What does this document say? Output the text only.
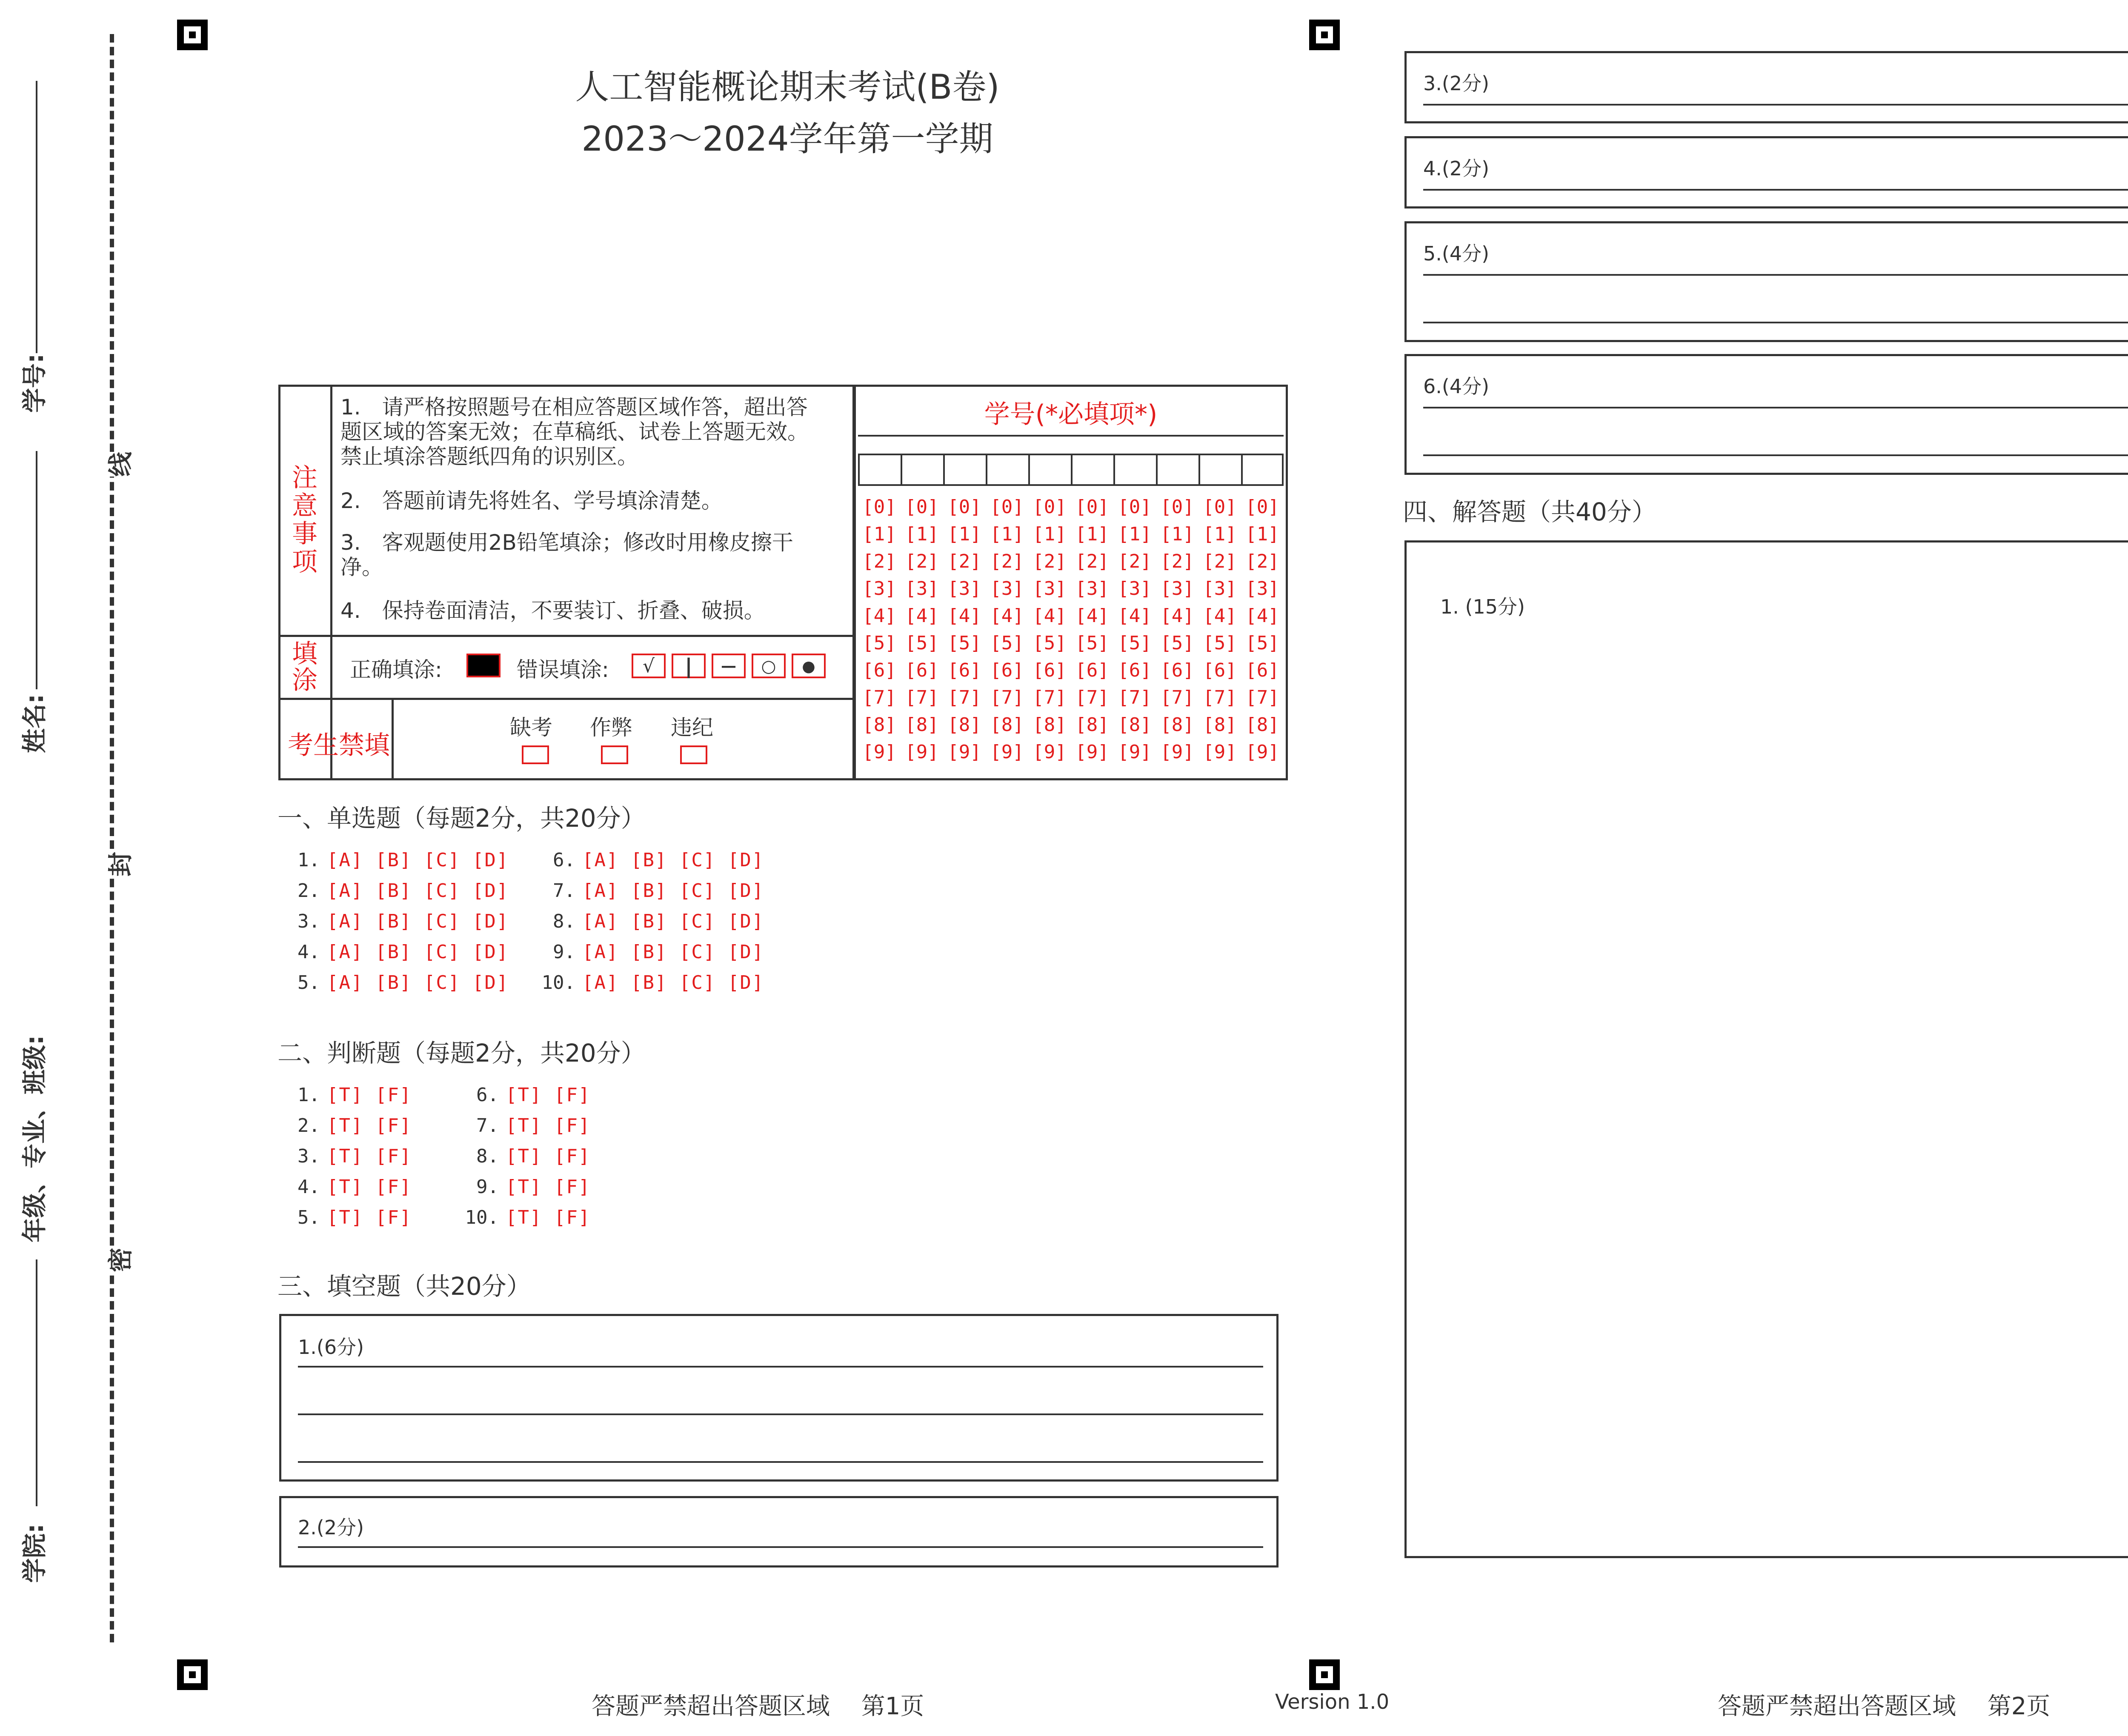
学号:
姓名:
年级、专业、班级:
学院:
线
封
密
人工智能概论期末考试(B卷)
2023～2024学年第一学期
注意事项
1.　请严格按照题号在相应答题区域作答，超出答题区域的答案无效；在草稿纸、试卷上答题无效。禁止填涂答题纸四角的识别区。
2.　答题前请先将姓名、学号填涂清楚。
3.　客观题使用2B铅笔填涂；修改时用橡皮擦干净。
4.　保持卷面清洁，不要装订、折叠、破损。
填涂 正确填涂:	错误填涂:	√	|	—	○	●
考生禁填
缺考 作弊 违纪
学号(*必填项*)
[0] [0] [0] [0] [0] [0] [0] [0] [0] [0]
[1] [1] [1] [1] [1] [1] [1] [1] [1] [1]
[2] [2] [2] [2] [2] [2] [2] [2] [2] [2]
[3] [3] [3] [3] [3] [3] [3] [3] [3] [3]
[4] [4] [4] [4] [4] [4] [4] [4] [4] [4]
[5] [5] [5] [5] [5] [5] [5] [5] [5] [5]
[6] [6] [6] [6] [6] [6] [6] [6] [6] [6]
[7] [7] [7] [7] [7] [7] [7] [7] [7] [7]
[8] [8] [8] [8] [8] [8] [8] [8] [8] [8]
[9] [9] [9] [9] [9] [9] [9] [9] [9] [9]
一、单选题（每题2分，共20分）
1. [A] [B] [C] [D]
2. [A] [B] [C] [D]
3. [A] [B] [C] [D]
4. [A] [B] [C] [D]
5. [A] [B] [C] [D]
6. [A] [B] [C] [D]
7. [A] [B] [C] [D]
8. [A] [B] [C] [D]
9. [A] [B] [C] [D]
10. [A] [B] [C] [D]
二、判断题（每题2分，共20分）
1. [T] [F]
2. [T] [F]
3. [T] [F]
4. [T] [F]
5. [T] [F]
6. [T] [F]
7. [T] [F]
8. [T] [F]
9. [T] [F]
10. [T] [F]
三、填空题（共20分）
1.(6分)
2.(2分)
3.(2分)
4.(2分)
5.(4分)
6.(4分)
四、解答题（共40分）
1. (15分)
答题严禁超出答题区域　 第1页	Version 1.0	答题严禁超出答题区域　 第2页
